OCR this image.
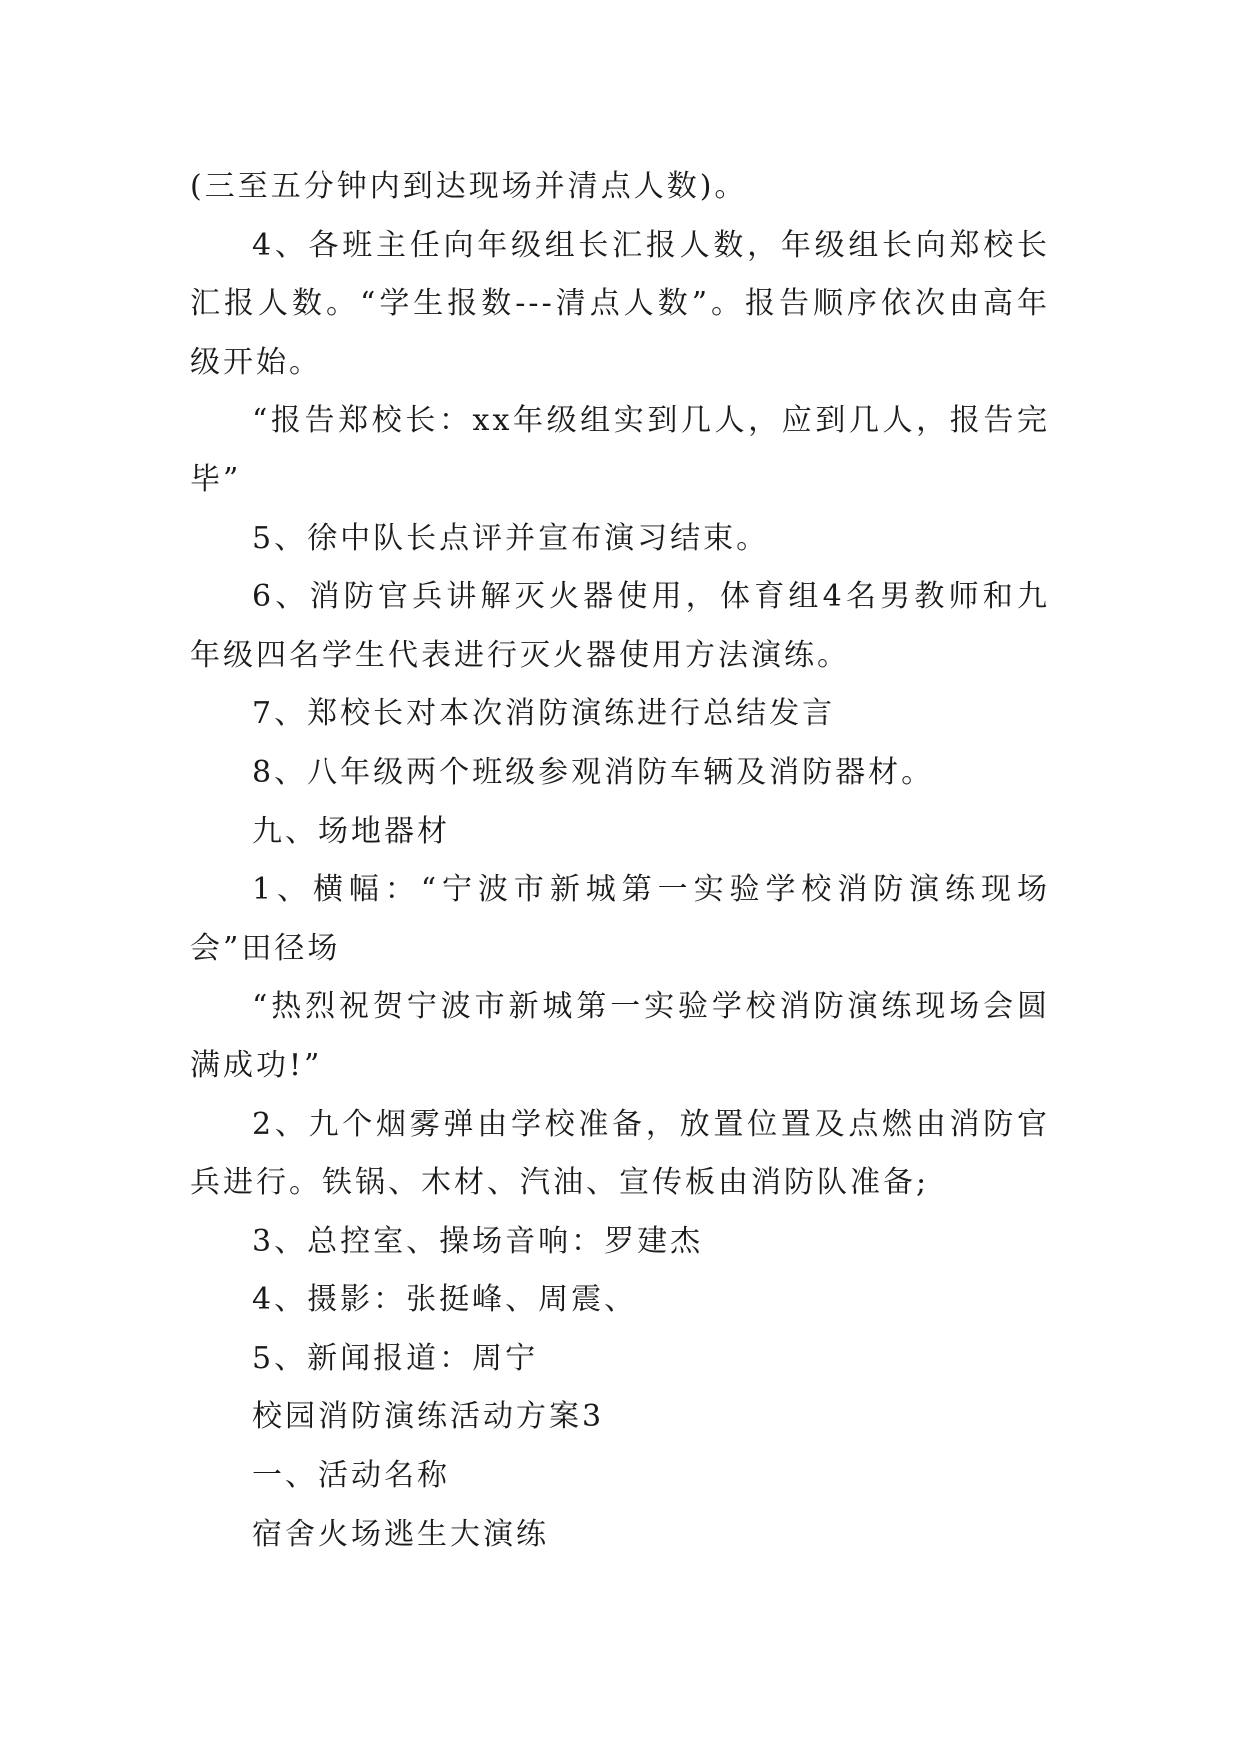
(三至五分钟内到达现场并清点人数)。

4、各班主任向年级组长汇报人数，年级组长向郑校长汇报人数。“学生报数---清点人数”。报告顺序依次由高年级开始。

“报告郑校长：xx年级组实到几人，应到几人，报告完毕”

5、徐中队长点评并宣布演习结束。

6、消防官兵讲解灭火器使用，体育组4名男教师和九年级四名学生代表进行灭火器使用方法演练。

7、郑校长对本次消防演练进行总结发言

8、八年级两个班级参观消防车辆及消防器材。

九、场地器材

1、横幅：“宁波市新城第一实验学校消防演练现场会”田径场

“热烈祝贺宁波市新城第一实验学校消防演练现场会圆满成功!”

2、九个烟雾弹由学校准备，放置位置及点燃由消防官兵进行。铁锅、木材、汽油、宣传板由消防队准备;

3、总控室、操场音响：罗建杰

4、摄影：张挺峰、周震、

5、新闻报道：周宁

校园消防演练活动方案3

一、活动名称

宿舍火场逃生大演练
